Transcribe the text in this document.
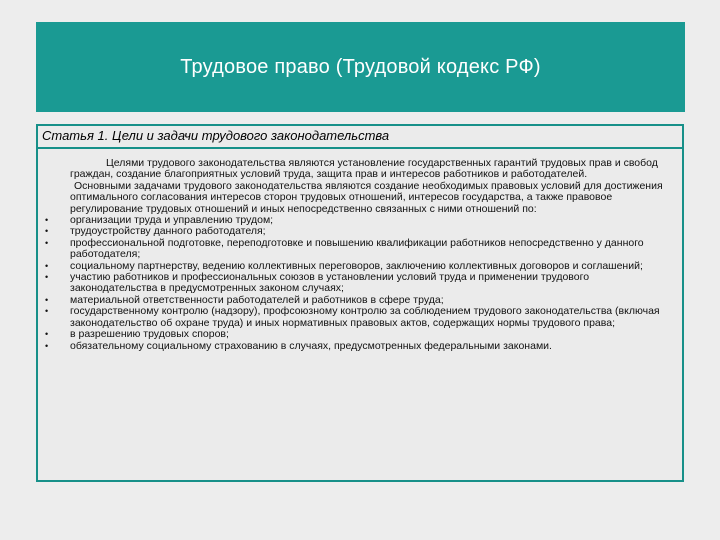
Трудовое право (Трудовой кодекс РФ)
Статья 1. Цели и задачи трудового законодательства

Целями трудового законодательства являются установление государственных гарантий трудовых прав и свобод граждан, создание благоприятных условий труда, защита прав и интересов работников и работодателей.

Основными задачами трудового законодательства являются создание необходимых правовых условий для достижения оптимального согласования интересов сторон трудовых отношений, интересов государства, а также правовое регулирование трудовых отношений и иных непосредственно связанных с ними отношений по:

• организации труда и управлению трудом;
• трудоустройству данного работодателя;
• профессиональной подготовке, переподготовке и повышению квалификации работников непосредственно у данного работодателя;
• социальному партнерству, ведению коллективных переговоров, заключению коллективных договоров и соглашений;
• участию работников и профессиональных союзов в установлении условий труда и применении трудового законодательства в предусмотренных законом случаях;
• материальной ответственности работодателей и работников в сфере труда;
• государственному контролю (надзору), профсоюзному контролю за соблюдением трудового законодательства (включая законодательство об охране труда) и иных нормативных правовых актов, содержащих нормы трудового права;
• в разрешению трудовых споров;
• обязательному социальному страхованию в случаях, предусмотренных федеральными законами.
